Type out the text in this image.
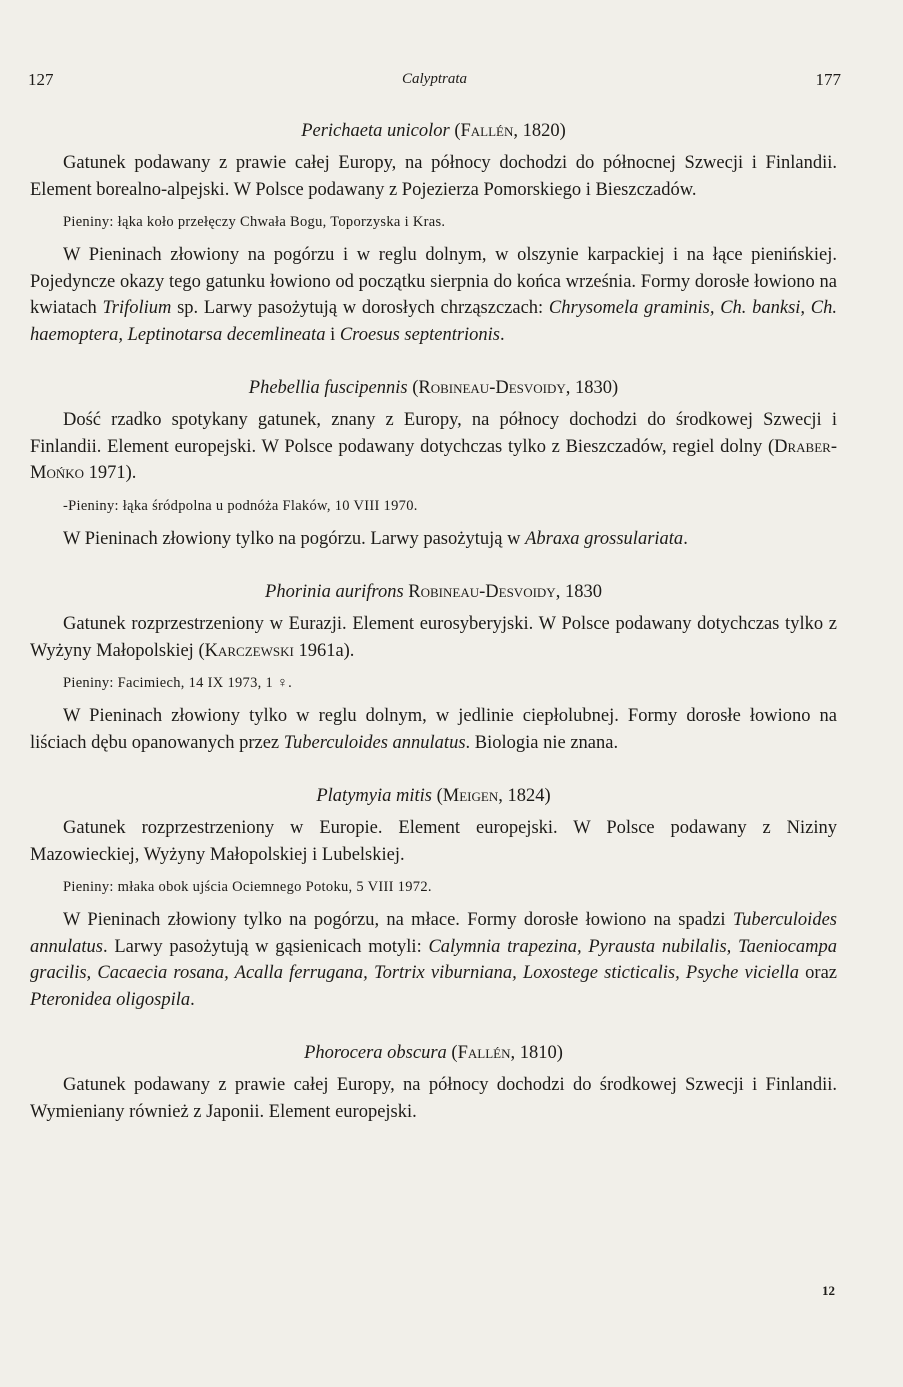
127	Calyptrata	177
Perichaeta unicolor (Fallén, 1820)

Gatunek podawany z prawie całej Europy, na północy dochodzi do północnej Szwecji i Finlandii. Element borealno-alpejski. W Polsce podawany z Pojezierza Pomorskiego i Bieszczadów.

Pieniny: łąka koło przełęczy Chwała Bogu, Toporzyska i Kras.

W Pieninach złowiony na pogórzu i w reglu dolnym, w olszynie karpackiej i na łące pienińskiej. Pojedyncze okazy tego gatunku łowiono od początku sierpnia do końca września. Formy dorosłe łowiono na kwiatach Trifolium sp. Larwy pasożytują w dorosłych chrząszczach: Chrysomela graminis, Ch. banksi, Ch. haemoptera, Leptinotarsa decemlineata i Croesus septentrionis.

Phebellia fuscipennis (Robineau-Desvoidy, 1830)

Dość rzadko spotykany gatunek, znany z Europy, na północy dochodzi do środkowej Szwecji i Finlandii. Element europejski. W Polsce podawany dotychczas tylko z Bieszczadów, regiel dolny (Draber-Mońko 1971).

-Pieniny: łąka śródpolna u podnóża Flaków, 10 VIII 1970.

W Pieninach złowiony tylko na pogórzu. Larwy pasożytują w Abraxa grossulariata.

Phorinia aurifrons Robineau-Desvoidy, 1830

Gatunek rozprzestrzeniony w Eurazji. Element eurosyberyjski. W Polsce podawany dotychczas tylko z Wyżyny Małopolskiej (Karczewski 1961a).

Pieniny: Facimiech, 14 IX 1973, 1 ♀.

W Pieninach złowiony tylko w reglu dolnym, w jedlinie ciepłolubnej. Formy dorosłe łowiono na liściach dębu opanowanych przez Tuberculoides annulatus. Biologia nie znana.

Platymyia mitis (Meigen, 1824)

Gatunek rozprzestrzeniony w Europie. Element europejski. W Polsce podawany z Niziny Mazowieckiej, Wyżyny Małopolskiej i Lubelskiej.

Pieniny: młaka obok ujścia Ociemnego Potoku, 5 VIII 1972.

W Pieninach złowiony tylko na pogórzu, na młace. Formy dorosłe łowiono na spadzi Tuberculoides annulatus. Larwy pasożytują w gąsienicach motyli: Calymnia trapezina, Pyrausta nubilalis, Taeniocampa gracilis, Cacaecia rosana, Acalla ferrugana, Tortrix viburniana, Loxostege sticticalis, Psyche viciella oraz Pteronidea oligospila.

Phorocera obscura (Fallén, 1810)

Gatunek podawany z prawie całej Europy, na północy dochodzi do środkowej Szwecji i Finlandii. Wymieniany również z Japonii. Element europejski.

12
